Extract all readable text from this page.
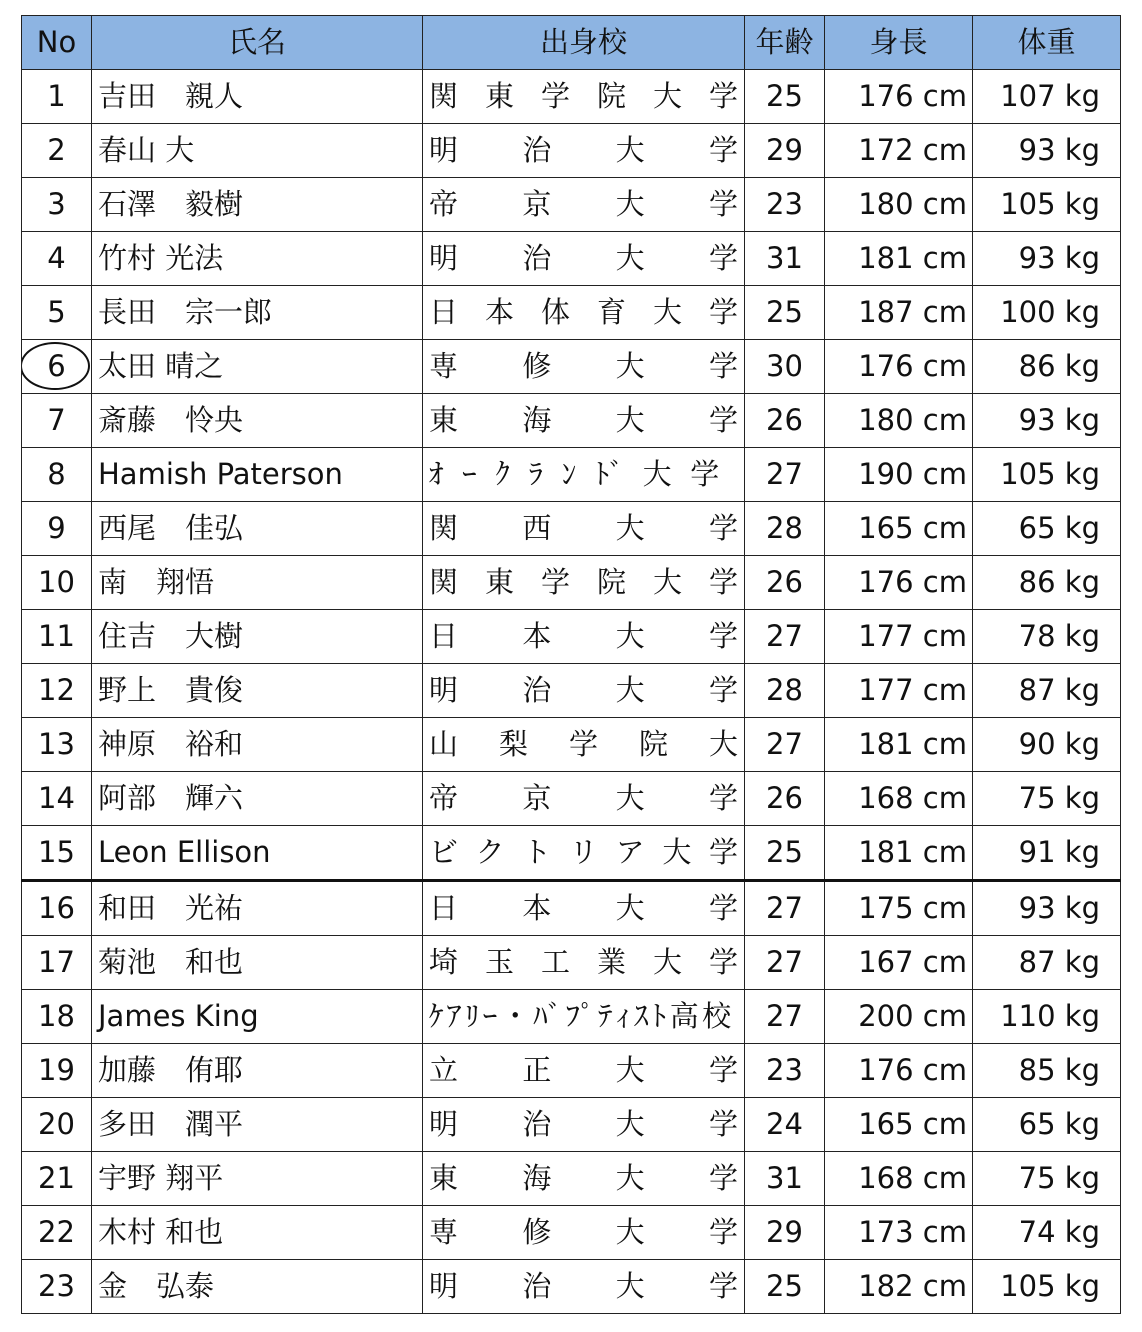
No	氏名	出身校	年齢	身長	体重
1	吉田　親人	関東学院大学	25	176 cm	107 kg
2	春山 大	明治大学	29	172 cm	93 kg
3	石澤　毅樹	帝京大学	23	180 cm	105 kg
4	竹村 光法	明治大学	31	181 cm	93 kg
5	長田　宗一郎	日本体育大学	25	187 cm	100 kg

6	太田 晴之	専修大学	30	176 cm	86 kg
7	斎藤　怜央	東海大学	26	180 cm	93 kg
8	Hamish Paterson	ｵｰｸﾗﾝﾄﾞ大学	27	190 cm	105 kg
9	西尾　佳弘	関西大学	28	165 cm	65 kg
10	南　翔悟	関東学院大学	26	176 cm	86 kg
11	住吉　大樹	日本大学	27	177 cm	78 kg
12	野上　貴俊	明治大学	28	177 cm	87 kg
13	神原　裕和	山梨学院大	27	181 cm	90 kg
14	阿部　輝六	帝京大学	26	168 cm	75 kg
15	Leon Ellison	ビクトリア大学	25	181 cm	91 kg
16	和田　光祐	日本大学	27	175 cm	93 kg
17	菊池　和也	埼玉工業大学	27	167 cm	87 kg
18	James King	ｹｱﾘｰ・ﾊﾞﾌﾟﾃｨｽﾄ高校	27	200 cm	110 kg
19	加藤　侑耶	立正大学	23	176 cm	85 kg
20	多田　潤平	明治大学	24	165 cm	65 kg
21	宇野 翔平	東海大学	31	168 cm	75 kg
22	木村 和也	専修大学	29	173 cm	74 kg
23	金　弘泰	明治大学	25	182 cm	105 kg
